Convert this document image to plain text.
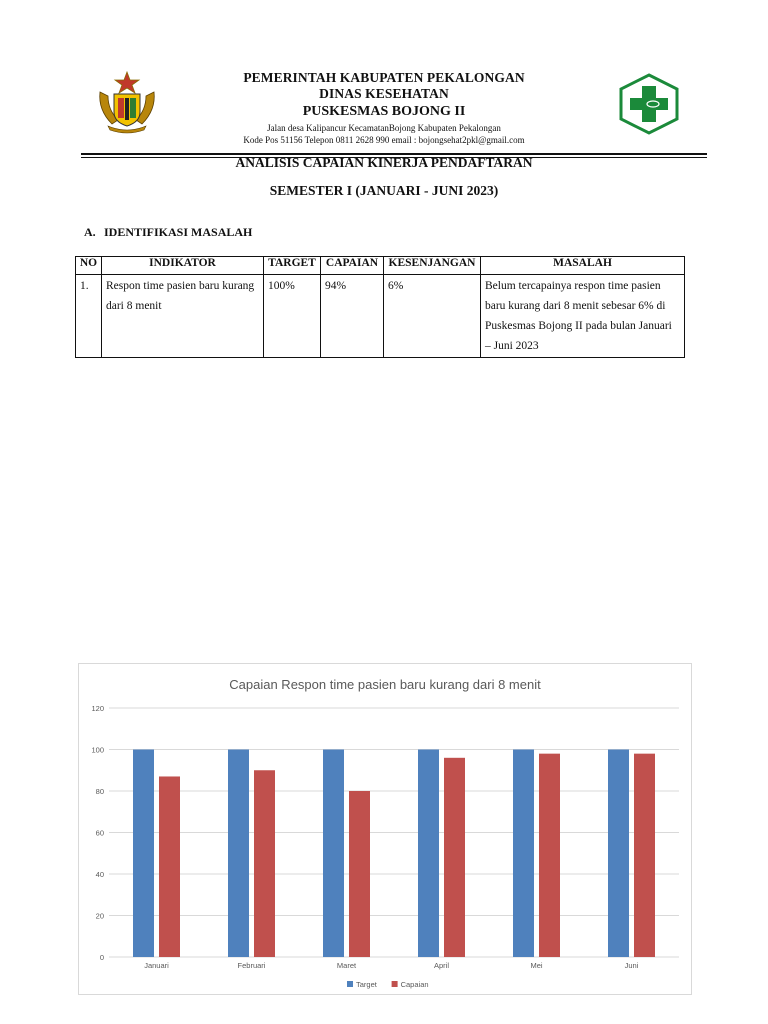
PEMERINTAH KABUPATEN PEKALONGAN
DINAS KESEHATAN
PUSKESMAS BOJONG II
Jalan desa Kalipancur KecamatanBojong Kabupaten Pekalongan
Kode Pos 51156 Telepon 0811 2628 990 email : bojongsehat2pkl@gmail.com
ANALISIS CAPAIAN KINERJA PENDAFTARAN
SEMESTER I (JANUARI - JUNI 2023)
A. IDENTIFIKASI MASALAH
NO	INDIKATOR	TARGET	CAPAIAN	KESENJANGAN	MASALAH
1.	Respon time pasien baru kurang dari 8 menit	100%	94%	6%	Belum tercapainya respon time pasien baru kurang dari 8 menit sebesar 6% di Puskesmas Bojong II pada bulan Januari – Juni 2023
Capaian Respon time pasien baru kurang dari 8 menit
0
20
40
60
80
100
120
Januari	Februari	Maret	April	Mei	Juni
Target	Capaian
